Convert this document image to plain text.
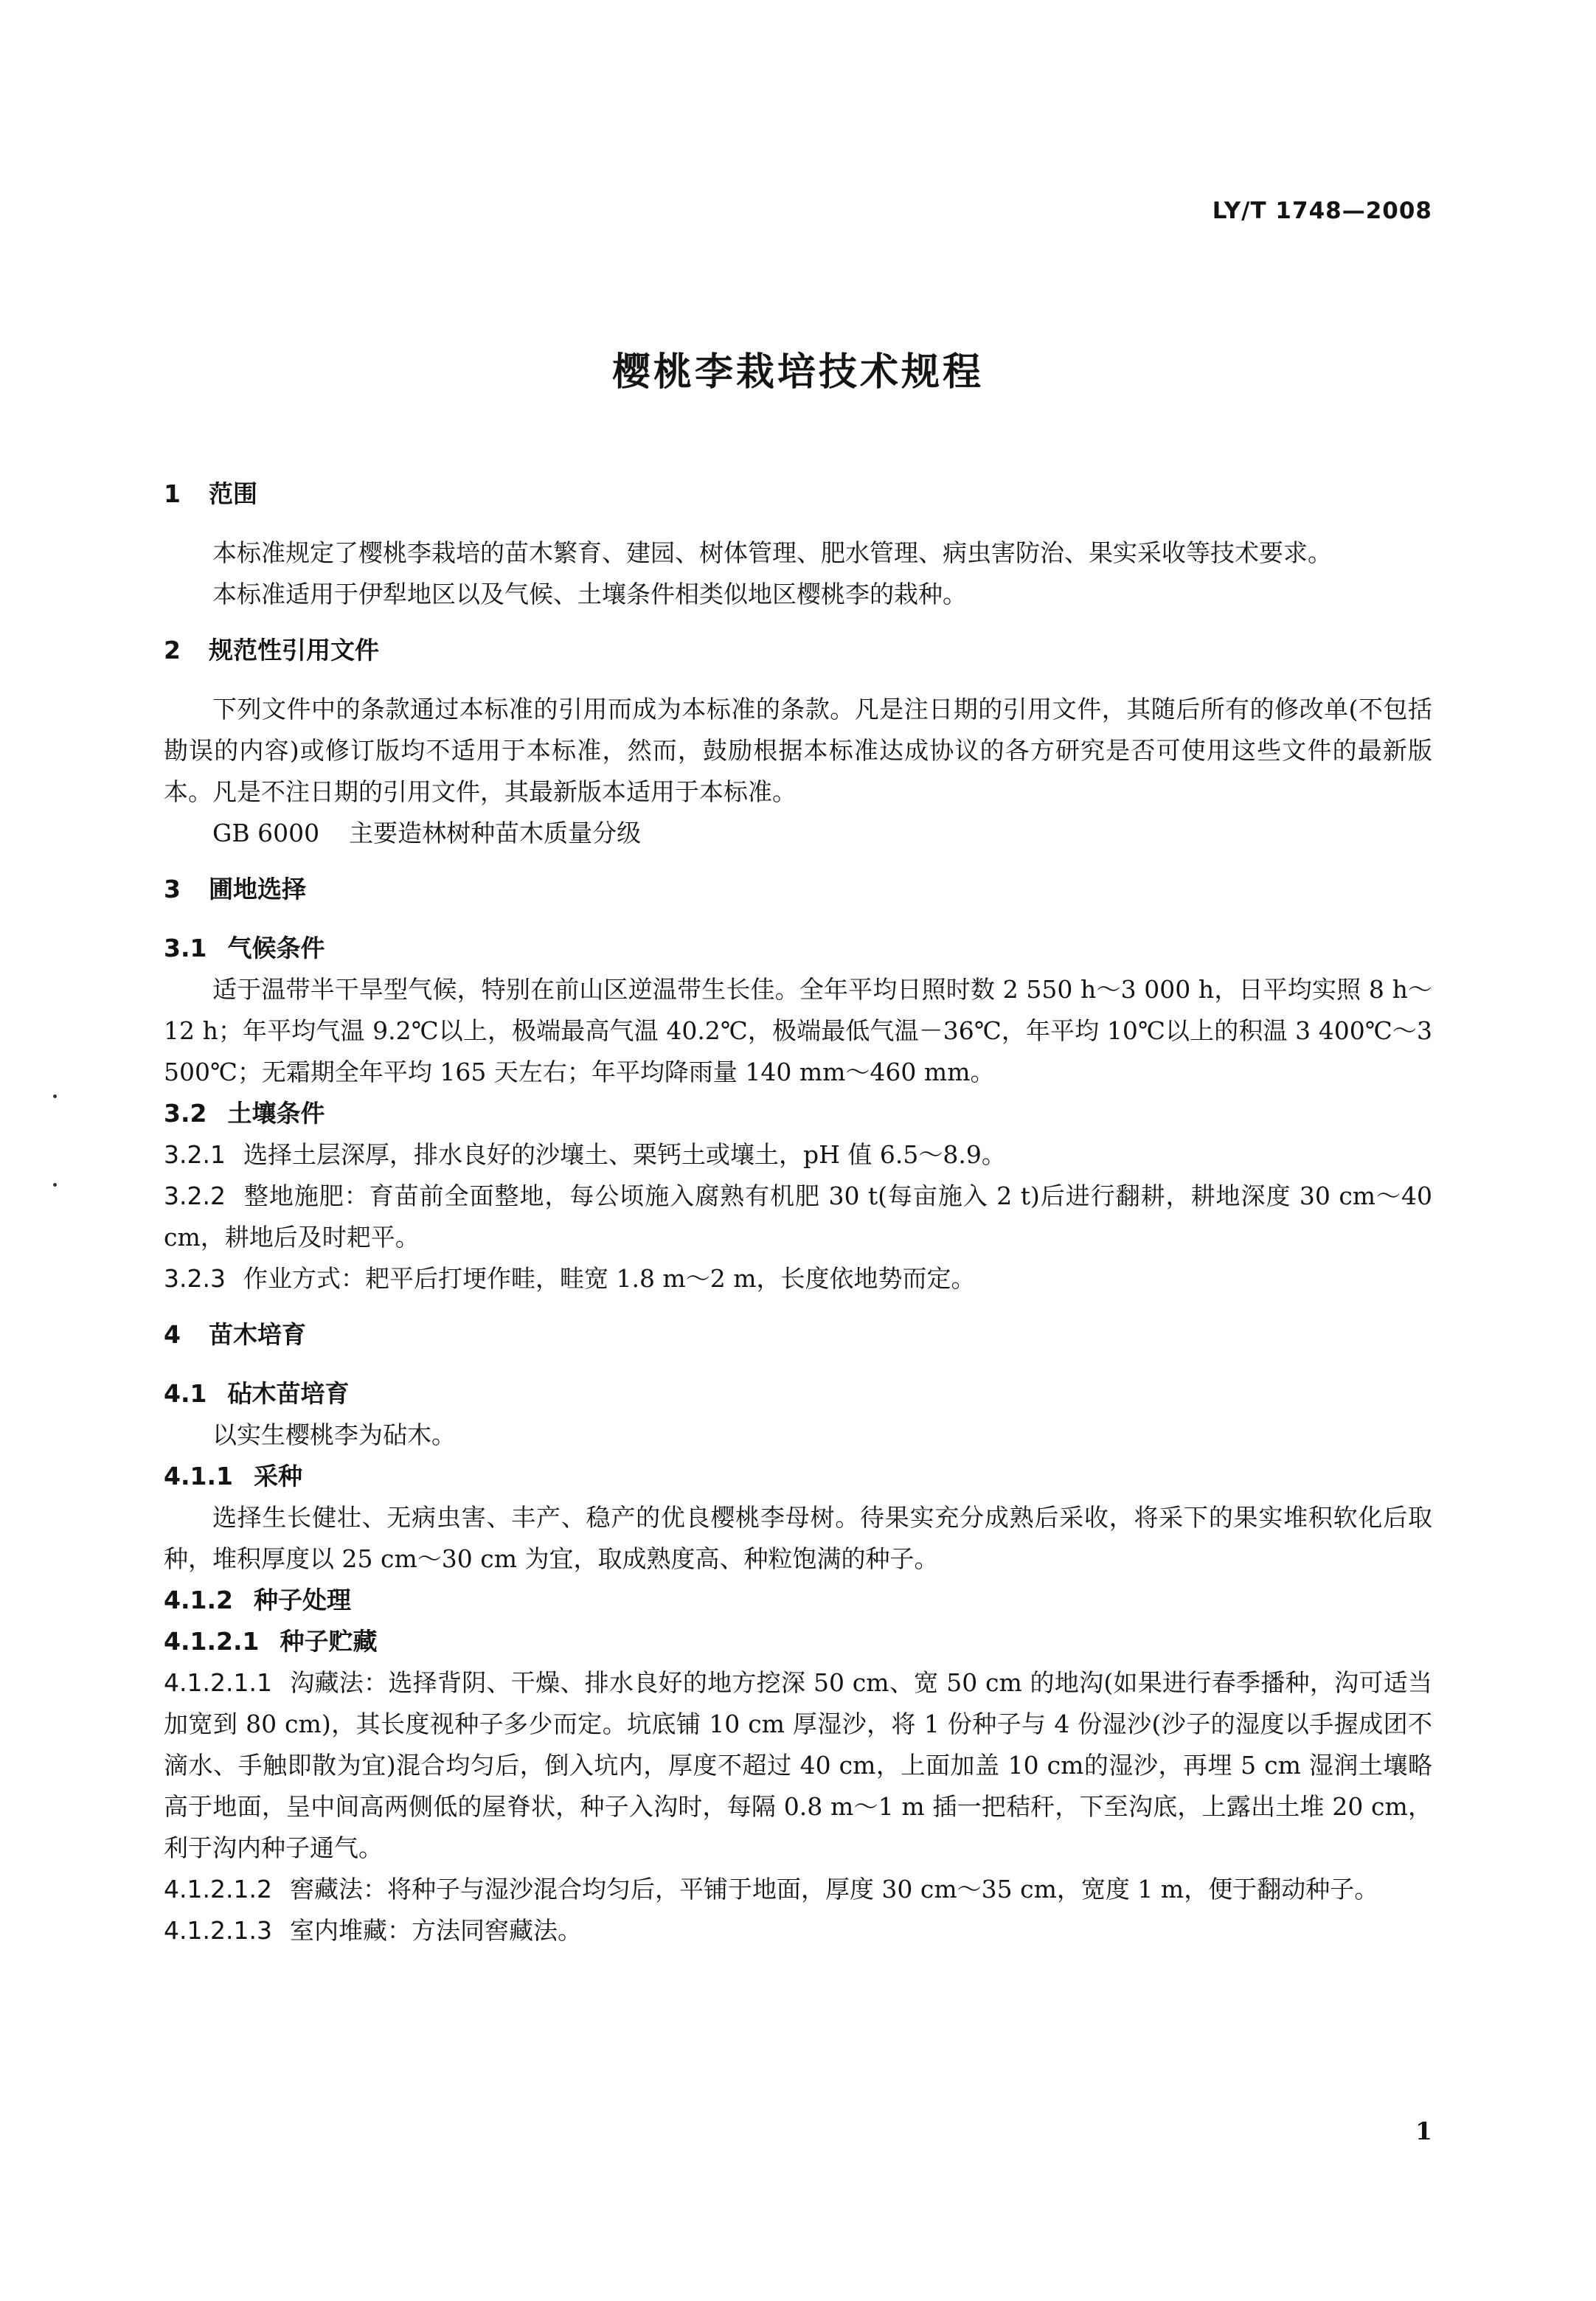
LY/T 1748—2008
樱桃李栽培技术规程
1 范围

本标准规定了樱桃李栽培的苗木繁育、建园、树体管理、肥水管理、病虫害防治、果实采收等技术要求。

本标准适用于伊犁地区以及气候、土壤条件相类似地区樱桃李的栽种。

2 规范性引用文件

下列文件中的条款通过本标准的引用而成为本标准的条款。凡是注日期的引用文件，其随后所有的修改单(不包括勘误的内容)或修订版均不适用于本标准，然而，鼓励根据本标准达成协议的各方研究是否可使用这些文件的最新版本。凡是不注日期的引用文件，其最新版本适用于本标准。

GB 6000 主要造林树种苗木质量分级

3 圃地选择
3.1 气候条件

适于温带半干旱型气候，特别在前山区逆温带生长佳。全年平均日照时数 2 550 h～3 000 h，日平均实照 8 h～12 h；年平均气温 9.2℃以上，极端最高气温 40.2℃，极端最低气温－36℃，年平均 10℃以上的积温 3 400℃～3 500℃；无霜期全年平均 165 天左右；年平均降雨量 140 mm～460 mm。

3.2 土壤条件

3.2.1 选择土层深厚，排水良好的沙壤土、栗钙土或壤土，pH 值 6.5～8.9。

3.2.2 整地施肥：育苗前全面整地，每公顷施入腐熟有机肥 30 t(每亩施入 2 t)后进行翻耕，耕地深度 30 cm～40 cm，耕地后及时耙平。

3.2.3 作业方式：耙平后打埂作畦，畦宽 1.8 m～2 m，长度依地势而定。

4 苗木培育
4.1 砧木苗培育

以实生樱桃李为砧木。

4.1.1 采种

选择生长健壮、无病虫害、丰产、稳产的优良樱桃李母树。待果实充分成熟后采收，将采下的果实堆积软化后取种，堆积厚度以 25 cm～30 cm 为宜，取成熟度高、种粒饱满的种子。

4.1.2 种子处理
4.1.2.1 种子贮藏

4.1.2.1.1 沟藏法：选择背阴、干燥、排水良好的地方挖深 50 cm、宽 50 cm 的地沟(如果进行春季播种，沟可适当加宽到 80 cm)，其长度视种子多少而定。坑底铺 10 cm 厚湿沙，将 1 份种子与 4 份湿沙(沙子的湿度以手握成团不滴水、手触即散为宜)混合均匀后，倒入坑内，厚度不超过 40 cm，上面加盖 10 cm的湿沙，再埋 5 cm 湿润土壤略高于地面，呈中间高两侧低的屋脊状，种子入沟时，每隔 0.8 m～1 m 插一把秸秆，下至沟底，上露出土堆 20 cm，利于沟内种子通气。

4.1.2.1.2 窖藏法：将种子与湿沙混合均匀后，平铺于地面，厚度 30 cm～35 cm，宽度 1 m，便于翻动种子。

4.1.2.1.3 室内堆藏：方法同窖藏法。

1
